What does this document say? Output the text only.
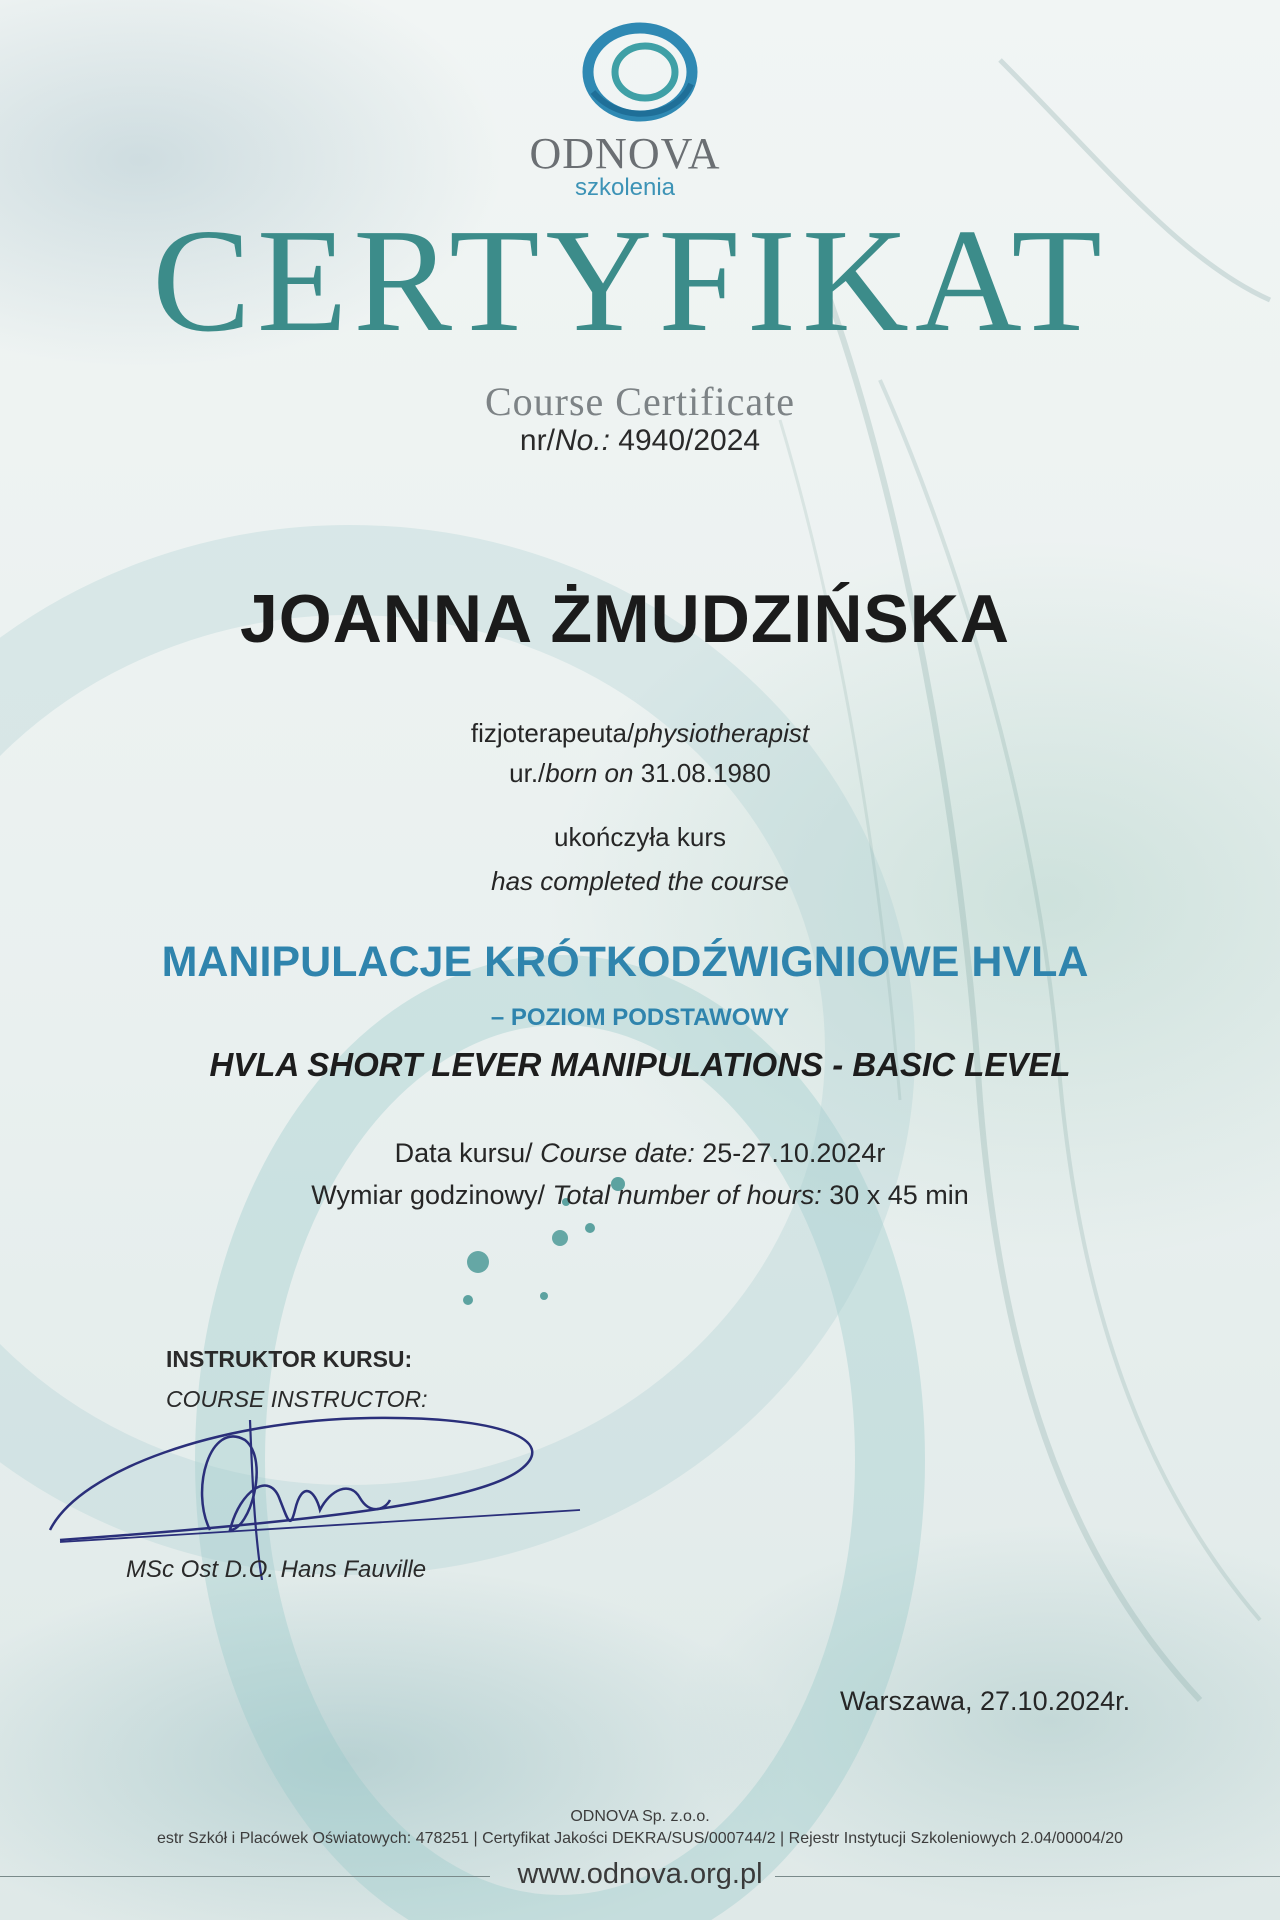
ODNOVA
szkolenia
CERTYFIKAT
Course Certificate
nr/No.: 4940/2024
JOANNA ŻMUDZIŃSKA
fizjoterapeuta/physiotherapist
ur./born on 31.08.1980
ukończyła kurs
has completed the course
MANIPULACJE KRÓTKODŹWIGNIOWE HVLA
– POZIOM PODSTAWOWY
HVLA SHORT LEVER MANIPULATIONS - BASIC LEVEL
Data kursu/ Course date: 25-27.10.2024r
Wymiar godzinowy/ Total number of hours: 30 x 45 min
INSTRUKTOR KURSU:
COURSE INSTRUCTOR:
MSc Ost D.O. Hans Fauville
Warszawa, 27.10.2024r.
ODNOVA Sp. z.o.o.
estr Szkół i Placówek Oświatowych: 478251 | Certyfikat Jakości DEKRA/SUS/000744/2 | Rejestr Instytucji Szkoleniowych 2.04/00004/20
www.odnova.org.pl
